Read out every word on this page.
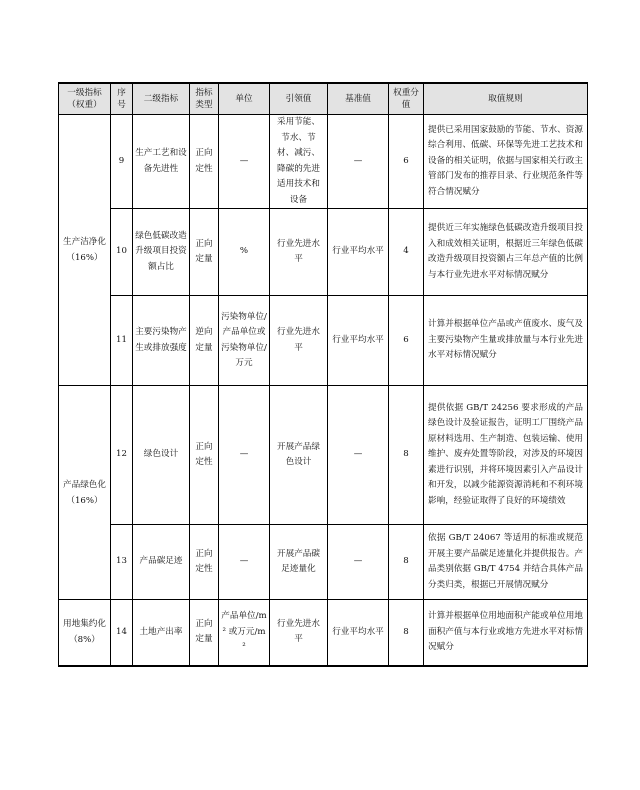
一级指标（权重）	序号	二级指标	指标类型	单位	引领值	基准值	权重分值	取值规则
生产洁净化（16%）	9	生产工艺和设备先进性	正向定性	—	采用节能、节水、节材、减污、降碳的先进适用技术和设备	—	6	提供已采用国家鼓励的节能、节水、资源综合利用、低碳、环保等先进工艺技术和设备的相关证明，依据与国家相关行政主管部门发布的推荐目录、行业规范条件等符合情况赋分
	10	绿色低碳改造升级项目投资额占比	正向定量	%	行业先进水平	行业平均水平	4	提供近三年实施绿色低碳改造升级项目投入和成效相关证明，根据近三年绿色低碳改造升级项目投资额占三年总产值的比例与本行业先进水平对标情况赋分
	11	主要污染物产生或排放强度	逆向定量	污染物单位/产品单位或污染物单位/万元	行业先进水平	行业平均水平	6	计算并根据单位产品或产值废水、废气及主要污染物产生量或排放量与本行业先进水平对标情况赋分
产品绿色化（16%）	12	绿色设计	正向定性	—	开展产品绿色设计	—	8	提供依据 GB/T 24256 要求形成的产品绿色设计及验证报告，证明工厂围绕产品原材料选用、生产制造、包装运输、使用维护、废弃处置等阶段，对涉及的环境因素进行识别，并将环境因素引入产品设计和开发，以减少能源资源消耗和不利环境影响，经验证取得了良好的环境绩效
	13	产品碳足迹	正向定性	—	开展产品碳足迹量化	—	8	依据 GB/T 24067 等适用的标准或规范开展主要产品碳足迹量化并提供报告。产品类别依据 GB/T 4754 并结合具体产品分类归类，根据已开展情况赋分
用地集约化（8%）	14	土地产出率	正向定量	产品单位/m² 或万元/m²	行业先进水平	行业平均水平	8	计算并根据单位用地面积产能或单位用地面积产值与本行业或地方先进水平对标情况赋分
